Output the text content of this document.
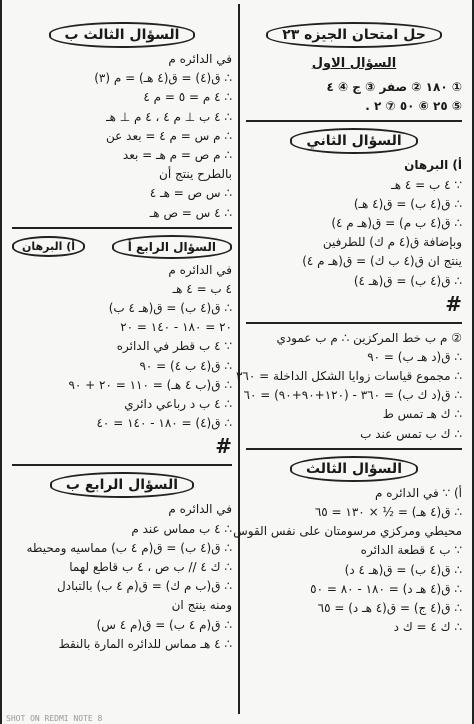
حل امتحان الجيزه ٢٣
السؤال الاول
① ١٨٠ ② صفر ③ ج ④ ٤
⑤ ٢٥ ⑥ ٥٠ ⑦ ٢ .
السؤال الثاني
أ) البرهان
∵ ٤ ب = ٤ هـ
∴ ق(٤ ب) = ق(٤ هـ)
∴ ق(٤ ب م) = ق(هـ م ٤)
وبإضافة ق(٤ م ك) للطرفين
ينتج ان ق(٤ ب ك) = ق(هـ م ٤)
∴ ق(٤ ب) = ق(هـ ٤)
#
② م ب خط المركزين ∴ م ب عمودي
∴ ق(د هـ ب) = ٩٠
∴ مجموع قياسات زوايا الشكل الداخلة = ٣٦٠
∴ ق(د ك ب) = ٣٦٠ - (١٢٠+٩٠+٩٠) = ٦٠
∴ ك هـ تمس ط
∴ ك ب تمس عند ب
السؤال الثالث
أ) ∵ في الدائره م
∴ ق(٤ هـ) = ½ × ١٣٠ = ٦٥
محيطي ومركزي مرسومتان على نفس القوس
∵ ب ٤ قطعة الدائره
∴ ق(٤ ب) = ق(هـ ٤ د)
∴ ق(٤ هـ د) = ١٨٠ - ٨٠ = ٥٠
∴ ق(٤ ج) = ق(٤ هـ د) = ٦٥
∴ ك ٤ = ك د
السؤال الثالث ب
في الدائره م
∴ ق(٤) = ق(٤ هـ) = م (٣)
∴ ٤ م = ٥ = م ٤
∴ ٤ ب ⊥ م ٤ ، ٤ م ⊥ هـ
∴ م س = م ٤ = بعد عن
∴ م ص = م هـ = بعد
بالطرح ينتج أن
∴ س ص = هـ ٤
∴ ٤ س = ص هـ
السؤال الرابع أ
أ) البرهان
في الدائره م
٤ ب = ٤ هـ
∴ ق(٤ ب) = ق(هـ ٤ ب)
٢٠ = ١٨٠ - ١٤٠ = ٢٠
∵ ٤ ب قطر في الدائره
∴ ق(٤ ب ٤) = ٩٠
∴ ق(ب ٤ هـ) = ١١٠ = ٢٠ + ٩٠
∴ ٤ ب د رباعي دائري
∴ ق(٤) = ١٨٠ - ١٤٠ = ٤٠
#
السؤال الرابع ب
في الدائره م
∴ ٤ ب مماس عند م
∴ ق(٤ ب) = ق(م ٤ ب) مماسيه ومحيطه
∴ ك ٤ // ب ص ، ٤ ب قاطع لهما
∴ ق(ب م ك) = ق(م ٤ ب) بالتبادل
ومنه ينتج ان
∴ ق(م ٤ ب) = ق(م ٤ س)
∴ ٤ هـ مماس للدائره المارة بالنقط
SHOT ON REDMI NOTE 8
